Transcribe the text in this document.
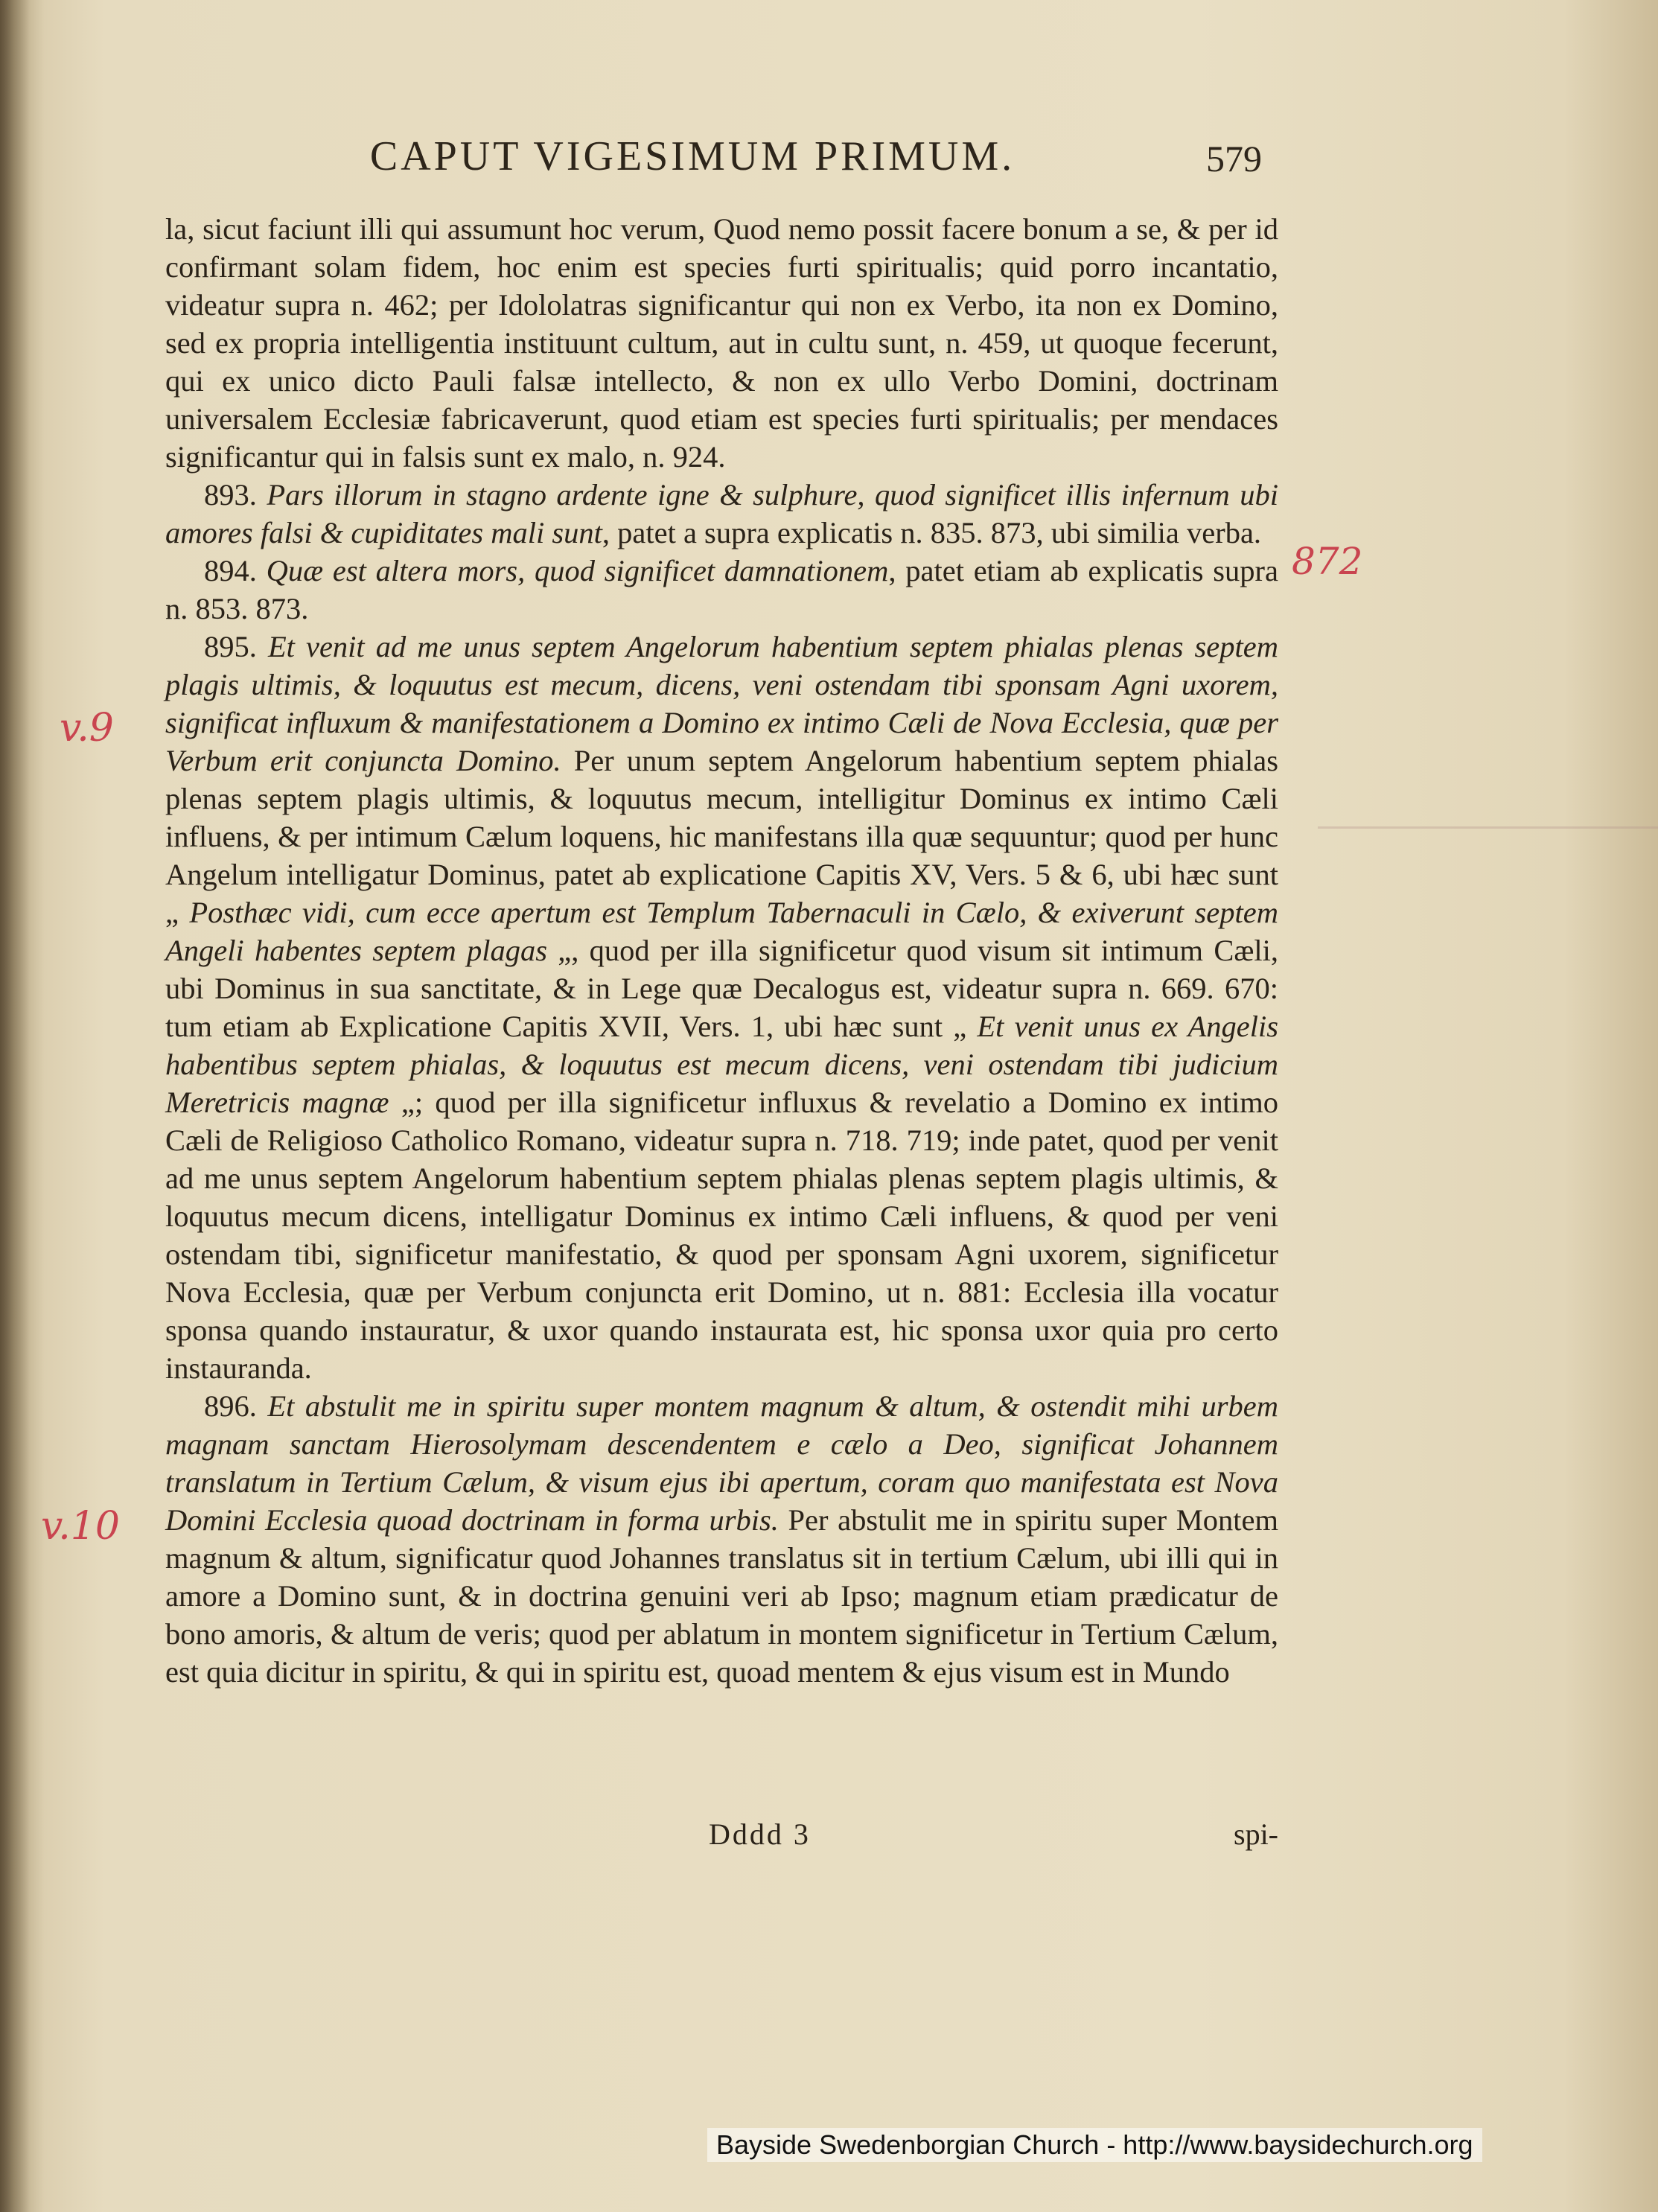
CAPUT VIGESIMUM PRIMUM.	579

la, sicut faciunt illi qui assumunt hoc verum, Quod nemo possit facere bonum a se, & per id confirmant solam fidem, hoc enim est species furti spiritualis; quid porro incantatio, videatur supra n. 462; per Idololatras significantur qui non ex Verbo, ita non ex Domino, sed ex propria intelligentia instituunt cultum, aut in cultu sunt, n. 459, ut quoque fecerunt, qui ex unico dicto Pauli falsæ intellecto, & non ex ullo Verbo Domini, doctrinam universalem Ecclesiæ fabricaverunt, quod etiam est species furti spiritualis; per mendaces significantur qui in falsis sunt ex malo, n. 924.

893. Pars illorum in stagno ardente igne & sulphure, quod significet illis infernum ubi amores falsi & cupiditates mali sunt, patet a supra explicatis n. 835. 873, ubi similia verba.

894. Quæ est altera mors, quod significet damnationem, patet etiam ab explicatis supra n. 853. 873.

895. Et venit ad me unus septem Angelorum habentium septem phialas plenas septem plagis ultimis, & loquutus est mecum, dicens, veni ostendam tibi sponsam Agni uxorem, significat influxum & manifestationem a Domino ex intimo Cæli de Nova Ecclesia, quæ per Verbum erit conjuncta Domino. Per unum septem Angelorum habentium septem phialas plenas septem plagis ultimis, & loquutus mecum, intelligitur Dominus ex intimo Cæli influens, & per intimum Cælum loquens, hic manifestans illa quæ sequuntur; quod per hunc Angelum intelligatur Dominus, patet ab explicatione Capitis XV, Vers. 5 & 6, ubi hæc sunt „ Posthæc vidi, cum ecce apertum est Templum Tabernaculi in Cælo, & exiverunt septem Angeli habentes septem plagas „, quod per illa significetur quod visum sit intimum Cæli, ubi Dominus in sua sanctitate, & in Lege quæ Decalogus est, videatur supra n. 669. 670: tum etiam ab Explicatione Capitis XVII, Vers. 1, ubi hæc sunt „ Et venit unus ex Angelis habentibus septem phialas, & loquutus est mecum dicens, veni ostendam tibi judicium Meretricis magnæ „; quod per illa significetur influxus & revelatio a Domino ex intimo Cæli de Religioso Catholico Romano, videatur supra n. 718. 719; inde patet, quod per venit ad me unus septem Angelorum habentium septem phialas plenas septem plagis ultimis, & loquutus mecum dicens, intelligatur Dominus ex intimo Cæli influens, & quod per veni ostendam tibi, significetur manifestatio, & quod per sponsam Agni uxorem, significetur Nova Ecclesia, quæ per Verbum conjuncta erit Domino, ut n. 881: Ecclesia illa vocatur sponsa quando instauratur, & uxor quando instaurata est, hic sponsa uxor quia pro certo instauranda.

896. Et abstulit me in spiritu super montem magnum & altum, & ostendit mihi urbem magnam sanctam Hierosolymam descendentem e cælo a Deo, significat Johannem translatum in Tertium Cælum, & visum ejus ibi apertum, coram quo manifestata est Nova Domini Ecclesia quoad doctrinam in forma urbis. Per abstulit me in spiritu super Montem magnum & altum, significatur quod Johannes translatus sit in tertium Cælum, ubi illi qui in amore a Domino sunt, & in doctrina genuini veri ab Ipso; magnum etiam prædicatur de bono amoris, & altum de veris; quod per ablatum in montem significetur in Tertium Cælum, est quia dicitur in spiritu, & qui in spiritu est, quoad mentem & ejus visum est in Mundo

Dddd 3	spi-
872
v.9
v.10
Bayside Swedenborgian Church - http://www.baysidechurch.org
